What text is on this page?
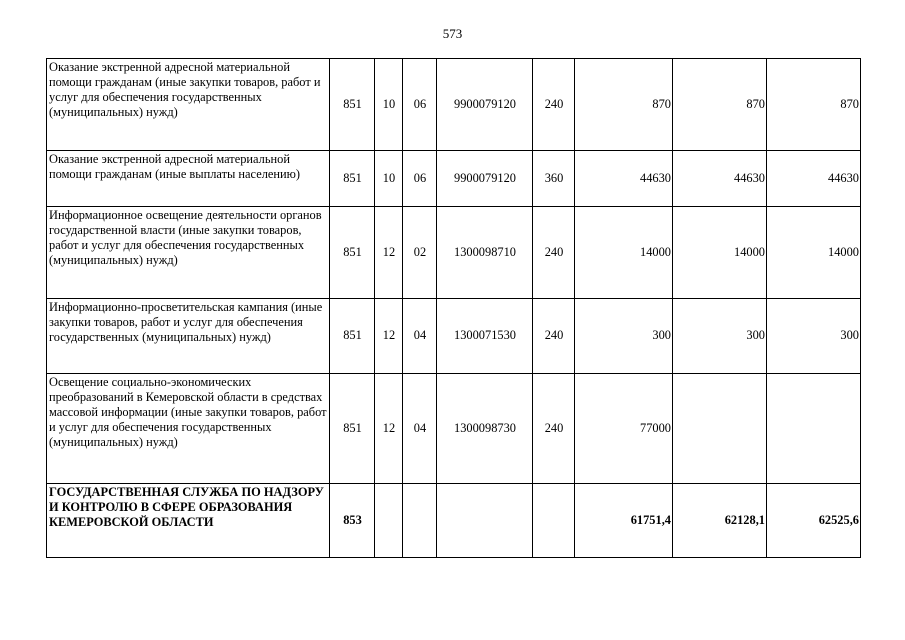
573
Оказание экстренной адресной материальной помощи гражданам (иные закупки товаров, работ и услуг для обеспечения государственных (муниципальных) нужд)	851	10	06	9900079120	240	870	870	870
Оказание экстренной адресной материальной помощи гражданам (иные выплаты населению)	851	10	06	9900079120	360	44630	44630	44630
Информационное освещение деятельности органов государственной власти (иные закупки товаров, работ и услуг для обеспечения государственных (муниципальных) нужд)	851	12	02	1300098710	240	14000	14000	14000
Информационно-просветительская кампания (иные закупки товаров, работ и услуг для обеспечения государственных (муниципальных) нужд)	851	12	04	1300071530	240	300	300	300
Освещение социально-экономических преобразований в Кемеровской области в средствах массовой информации (иные закупки товаров, работ и услуг для обеспечения государственных (муниципальных) нужд)	851	12	04	1300098730	240	77000		
ГОСУДАРСТВЕННАЯ СЛУЖБА ПО НАДЗОРУ И КОНТРОЛЮ В СФЕРЕ ОБРАЗОВАНИЯ КЕМЕРОВСКОЙ ОБЛАСТИ	853					61751,4	62128,1	62525,6
